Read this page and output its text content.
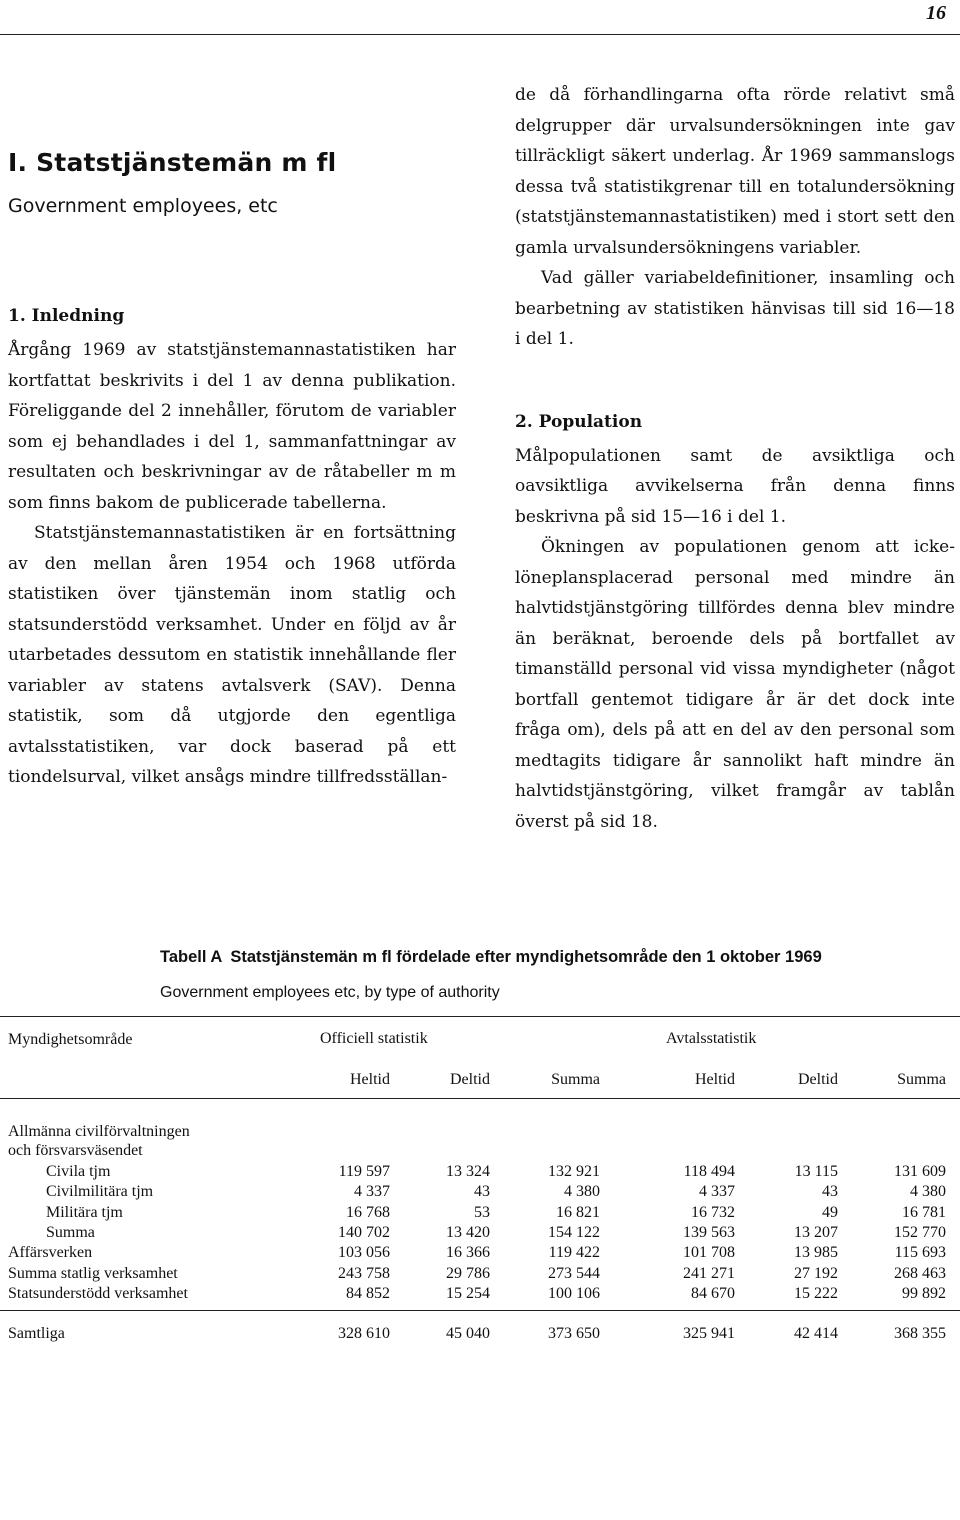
16
I. Statstjänstemän m fl
Government employees, etc
1. Inledning

Årgång 1969 av statstjänstemannastatistiken har kortfattat beskrivits i del 1 av denna publikation. Föreliggande del 2 innehåller, förutom de variabler som ej behandlades i del 1, sammanfattningar av resultaten och beskrivningar av de råtabeller m m som finns bakom de publicerade tabellerna.

Statstjänstemannastatistiken är en fortsättning av den mellan åren 1954 och 1968 utförda statistiken över tjänstemän inom statlig och statsunderstödd verksamhet. Under en följd av år utarbetades dessutom en statistik innehållande fler variabler av statens avtalsverk (SAV). Denna statistik, som då utgjorde den egentliga avtalsstatistiken, var dock baserad på ett tiondelsurval, vilket ansågs mindre tillfredsställan-

de då förhandlingarna ofta rörde relativt små delgrupper där urvalsundersökningen inte gav tillräckligt säkert underlag. År 1969 sammanslogs dessa två statistikgrenar till en totalundersökning (statstjänstemannastatistiken) med i stort sett den gamla urvalsundersökningens variabler.

Vad gäller variabeldefinitioner, insamling och bearbetning av statistiken hänvisas till sid 16—18 i del 1.

2. Population

Målpopulationen samt de avsiktliga och oavsiktliga avvikelserna från denna finns beskrivna på sid 15—16 i del 1.

Ökningen av populationen genom att icke-löneplansplacerad personal med mindre än halvtidstjänstgöring tillfördes denna blev mindre än beräknat, beroende dels på bortfallet av timanställd personal vid vissa myndigheter (något bortfall gentemot tidigare år är det dock inte fråga om), dels på att en del av den personal som medtagits tidigare år sannolikt haft mindre än halvtidstjänstgöring, vilket framgår av tablån överst på sid 18.

Tabell A Statstjänstemän m fl fördelade efter myndighetsområde den 1 oktober 1969
Government employees etc, by type of authority
Myndighetsområde	Officiell statistik	Avtalsstatistik
Heltid	Deltid	Summa	Heltid	Deltid	Summa
Allmänna civilförvaltningen
och försvarsväsendet
Civila tjm	119 597	13 324	132 921	118 494	13 115	131 609
Civilmilitära tjm	4 337	43	4 380	4 337	43	4 380
Militära tjm	16 768	53	16 821	16 732	49	16 781
Summa	140 702	13 420	154 122	139 563	13 207	152 770
Affärsverken	103 056	16 366	119 422	101 708	13 985	115 693
Summa statlig verksamhet	243 758	29 786	273 544	241 271	27 192	268 463
Statsunderstödd verksamhet	84 852	15 254	100 106	84 670	15 222	99 892
Samtliga	328 610	45 040	373 650	325 941	42 414	368 355
